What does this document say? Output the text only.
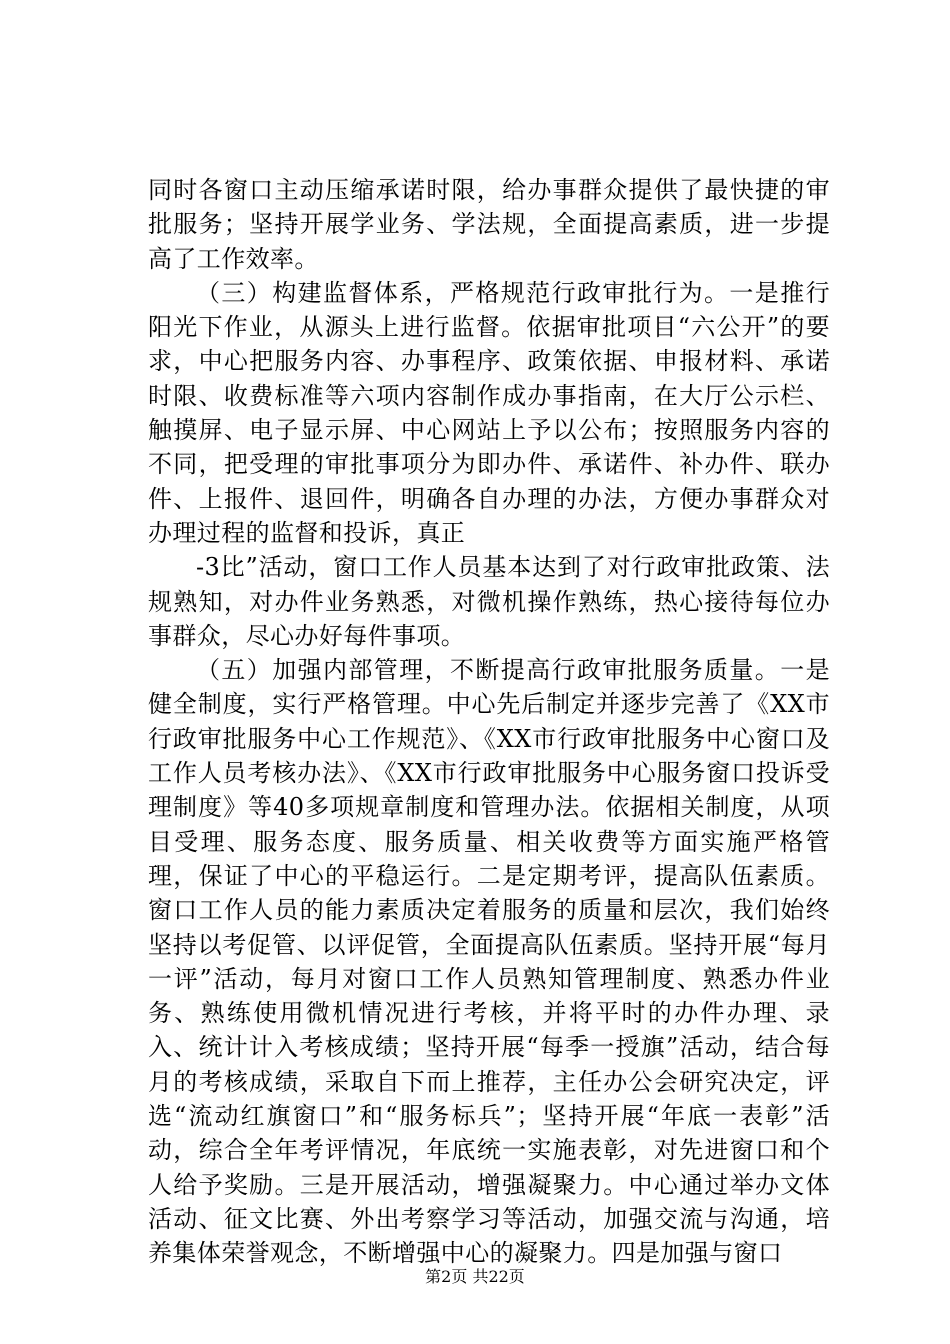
同时各窗口主动压缩承诺时限，给办事群众提供了最快捷的审批服务；坚持开展学业务、学法规，全面提高素质，进一步提高了工作效率。

（三）构建监督体系，严格规范行政审批行为。一是推行阳光下作业，从源头上进行监督。依据审批项目“六公开”的要求，中心把服务内容、办事程序、政策依据、申报材料、承诺时限、收费标准等六项内容制作成办事指南，在大厅公示栏、触摸屏、电子显示屏、中心网站上予以公布；按照服务内容的不同，把受理的审批事项分为即办件、承诺件、补办件、联办件、上报件、退回件，明确各自办理的办法，方便办事群众对办理过程的监督和投诉，真正

-3比”活动，窗口工作人员基本达到了对行政审批政策、法规熟知，对办件业务熟悉，对微机操作熟练，热心接待每位办事群众，尽心办好每件事项。

（五）加强内部管理，不断提高行政审批服务质量。一是健全制度，实行严格管理。中心先后制定并逐步完善了《XX市行政审批服务中心工作规范》、《XX市行政审批服务中心窗口及工作人员考核办法》、《XX市行政审批服务中心服务窗口投诉受理制度》等40多项规章制度和管理办法。依据相关制度，从项目受理、服务态度、服务质量、相关收费等方面实施严格管理，保证了中心的平稳运行。二是定期考评，提高队伍素质。窗口工作人员的能力素质决定着服务的质量和层次，我们始终坚持以考促管、以评促管，全面提高队伍素质。坚持开展“每月一评”活动，每月对窗口工作人员熟知管理制度、熟悉办件业务、熟练使用微机情况进行考核，并将平时的办件办理、录入、统计计入考核成绩；坚持开展“每季一授旗”活动，结合每月的考核成绩，采取自下而上推荐，主任办公会研究决定，评选“流动红旗窗口”和“服务标兵”；坚持开展“年底一表彰”活动，综合全年考评情况，年底统一实施表彰，对先进窗口和个人给予奖励。三是开展活动，增强凝聚力。中心通过举办文体活动、征文比赛、外出考察学习等活动，加强交流与沟通，培养集体荣誉观念，不断增强中心的凝聚力。四是加强与窗口

第2页 共22页
